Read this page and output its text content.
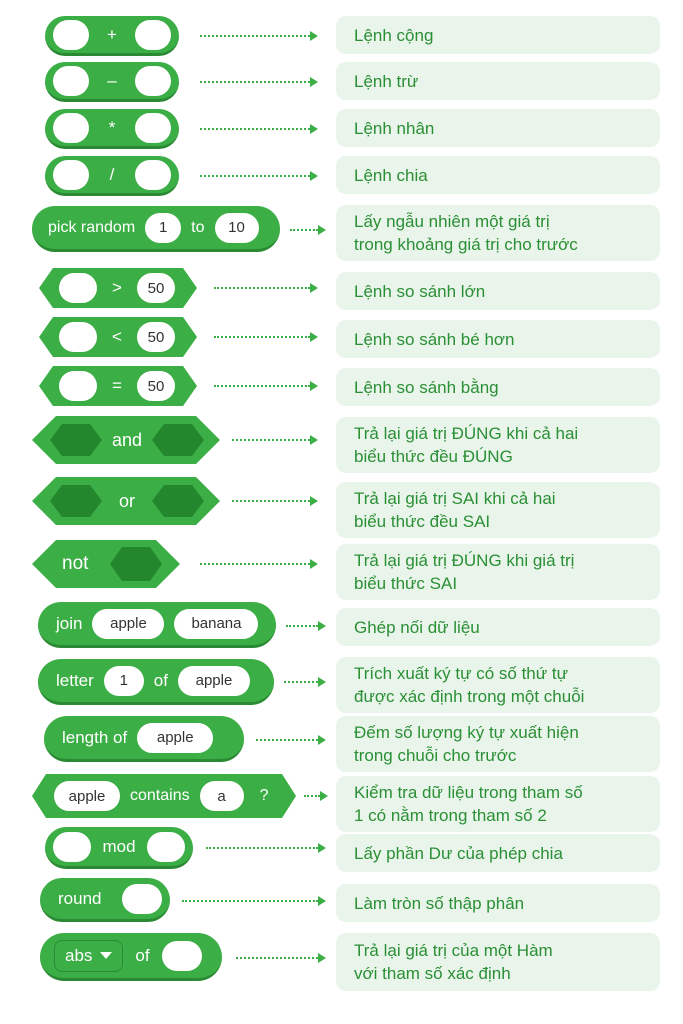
+	Lệnh cộng
–	Lệnh trừ
*	Lệnh nhân
/	Lệnh chia
pick random	1	to	10	Lấy ngẫu nhiên một giá trị
trong khoảng giá trị cho trước
>	50	Lệnh so sánh lớn
<	50	Lệnh so sánh bé hơn
=	50	Lệnh so sánh bằng
and	Trả lại giá trị ĐÚNG khi cả hai
biểu thức đều ĐÚNG
or	Trả lại giá trị SAI khi cả hai
biểu thức đều SAI
not	Trả lại giá trị ĐÚNG khi giá trị
biểu thức SAI
join	apple	banana	Ghép nối dữ liệu
letter	1	of	apple	Trích xuất ký tự có số thứ tự
được xác định trong một chuỗi
length of	apple	Đếm số lượng ký tự xuất hiện
trong chuỗi cho trước
apple	contains	a	?	Kiểm tra dữ liệu trong tham số
1 có nằm trong tham số 2
mod	Lấy phần Dư của phép chia
round	Làm tròn số thập phân
abs	of	Trả lại giá trị của một Hàm
với tham số xác định
